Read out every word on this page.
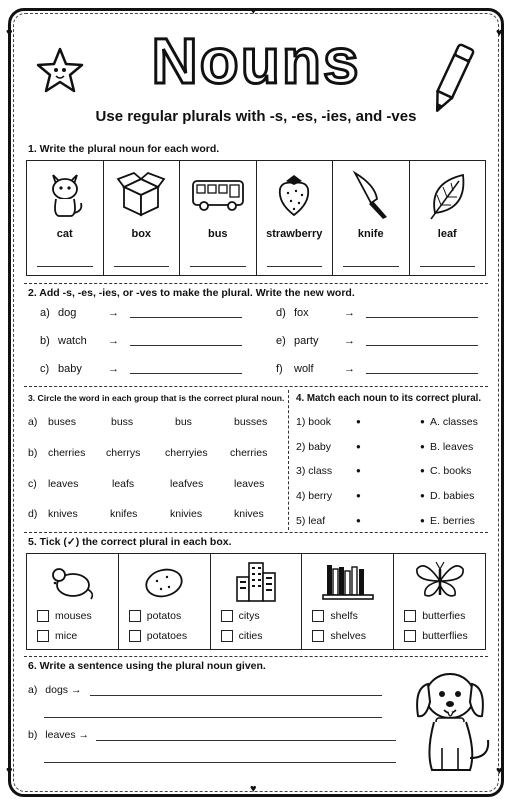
♥	♥
♥	♥
♥
♥
Nouns
Use regular plurals with -s, -es, -ies, and -ves
1. Write the plural noun for each word.
cat	box	bus	strawberry	knife	leaf
2. Add -s, -es, -ies, or -ves to make the plural. Write the new word.
a) dog	→
b) watch	→
c) baby	→
d) fox	→
e) party	→
f)	wolf	→
3. Circle the word in each group that is the correct plural noun.
a) buses	buss	bus	busses
b) cherries cherrys cherryies cherries
c) leaves	leafs	leafves	leaves
d) knives	knifes	knivies	knives
4. Match each noun to its correct plural.
1) book	●	● A. classes
2) baby	●	● B. leaves
3) class	●	● C. books
4) berry	●	● D. babies
5) leaf	●	● E. berries
5. Tick (✓) the correct plural in each box.
mouses
mice
potatos
potatoes
citys
cities
shelfs
shelves
butterfies
butterflies
6. Write a sentence using the plural noun given.
a) dogs →
b) leaves →
